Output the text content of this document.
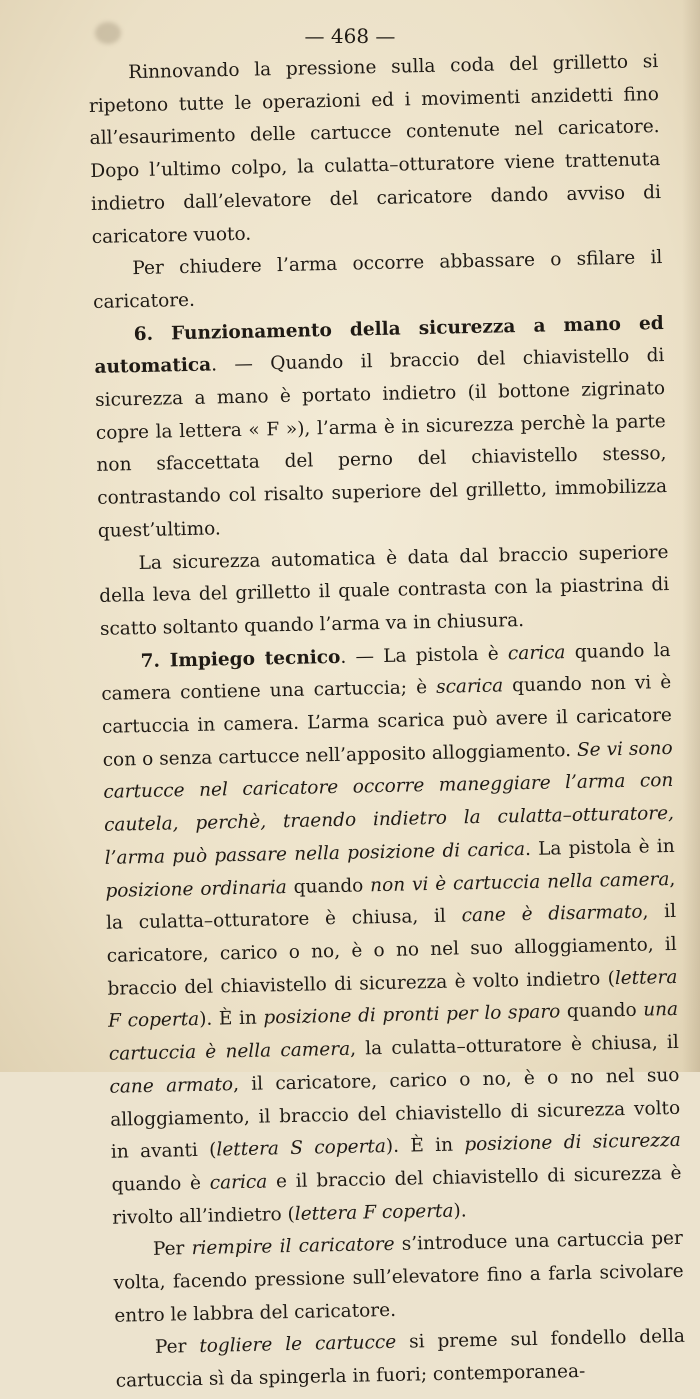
— 468 —

Rinnovando la pressione sulla coda del grilletto si ripetono tutte le operazioni ed i movimenti anzidetti fino all’esaurimento delle cartucce contenute nel caricatore. Dopo l’ultimo colpo, la culatta–otturatore viene trattenuta indietro dall’elevatore del caricatore dando avviso di caricatore vuoto.

Per chiudere l’arma occorre abbassare o sfilare il caricatore.

6. Funzionamento della sicurezza a mano ed automatica. — Quando il braccio del chiavistello di sicurezza a mano è portato indietro (il bottone zigrinato copre la lettera « F »), l’arma è in sicurezza perchè la parte non sfaccettata del perno del chiavistello stesso, contrastando col risalto superiore del grilletto, immobilizza quest’ultimo.

La sicurezza automatica è data dal braccio superiore della leva del grilletto il quale contrasta con la piastrina di scatto soltanto quando l’arma va in chiusura.

7. Impiego tecnico. — La pistola è carica quando la camera contiene una cartuccia; è scarica quando non vi è cartuccia in camera. L’arma scarica può avere il caricatore con o senza cartucce nell’apposito alloggiamento. Se vi sono cartucce nel caricatore occorre maneggiare l’arma con cautela, perchè, traendo indietro la culatta–otturatore, l’arma può passare nella posizione di carica. La pistola è in posizione ordinaria quando non vi è cartuccia nella camera, la culatta–otturatore è chiusa, il cane è disarmato, il caricatore, carico o no, è o no nel suo alloggiamento, il braccio del chiavistello di sicurezza è volto indietro (lettera F coperta). È in posizione di pronti per lo sparo quando una cartuccia è nella camera, la culatta–otturatore è chiusa, il cane armato, il caricatore, carico o no, è o no nel suo alloggiamento, il braccio del chiavistello di sicurezza volto in avanti (lettera S coperta). È in posizione di sicurezza quando è carica e il braccio del chiavistello di sicurezza è rivolto all’indietro (lettera F coperta).

Per riempire il caricatore s’introduce una cartuccia per volta, facendo pressione sull’elevatore fino a farla scivolare entro le labbra del caricatore.

Per togliere le cartucce si preme sul fondello della cartuccia sì da spingerla in fuori; contemporanea-
